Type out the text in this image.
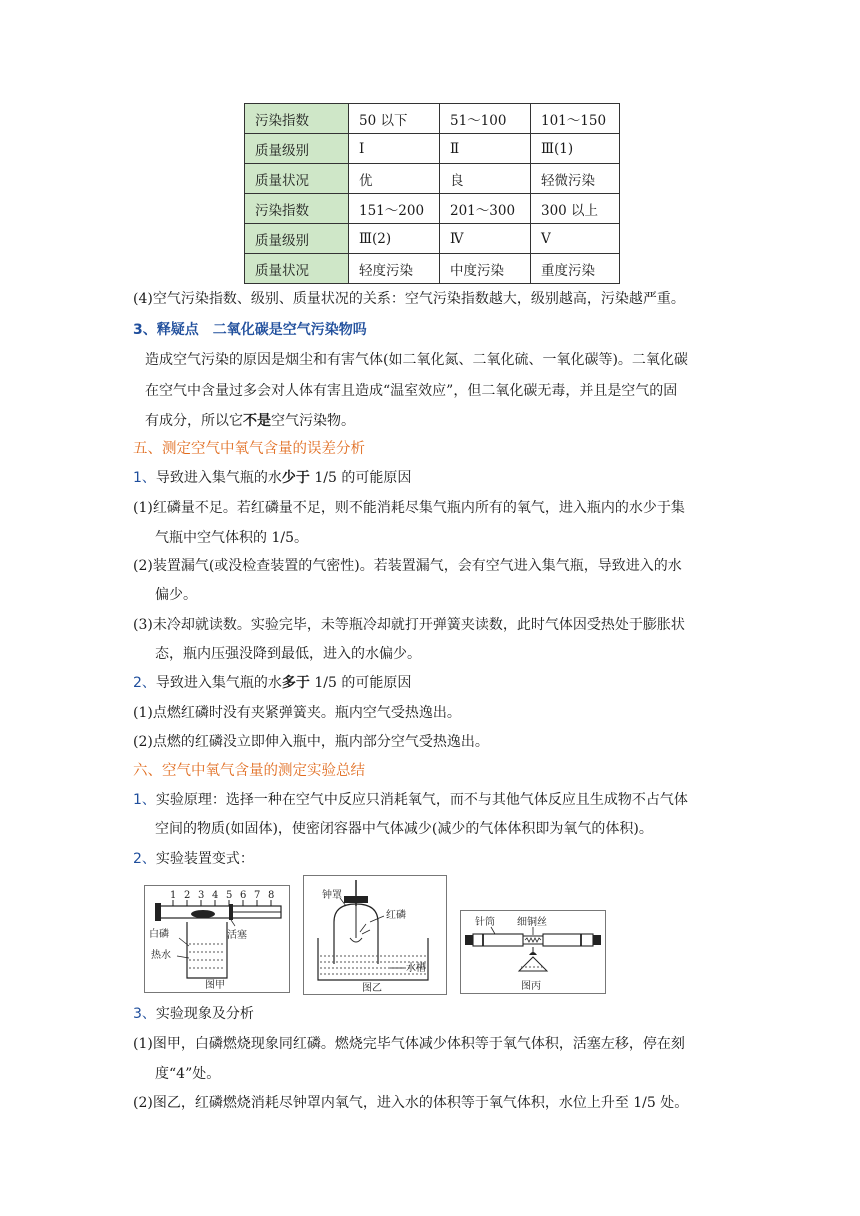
污染指数	50 以下	51～100	101～150
质量级别	Ⅰ	Ⅱ	Ⅲ(1)
质量状况	优	良	轻微污染
污染指数	151～200	201～300	300 以上
质量级别	Ⅲ(2)	Ⅳ	Ⅴ
质量状况	轻度污染	中度污染	重度污染
(4)空气污染指数、级别、质量状况的关系：空气污染指数越大，级别越高，污染越严重。
3、释疑点　二氧化碳是空气污染物吗
造成空气污染的原因是烟尘和有害气体(如二氧化氮、二氧化硫、一氧化碳等)。二氧化碳
在空气中含量过多会对人体有害且造成“温室效应”，但二氧化碳无毒，并且是空气的固
有成分，所以它不是空气污染物。
五、测定空气中氧气含量的误差分析
1、导致进入集气瓶的水少于 1/5 的可能原因
(1)红磷量不足。若红磷量不足，则不能消耗尽集气瓶内所有的氧气，进入瓶内的水少于集
气瓶中空气体积的 1/5。
(2)装置漏气(或没检查装置的气密性)。若装置漏气，会有空气进入集气瓶，导致进入的水
偏少。
(3)未冷却就读数。实验完毕，未等瓶冷却就打开弹簧夹读数，此时气体因受热处于膨胀状
态，瓶内压强没降到最低，进入的水偏少。
2、导致进入集气瓶的水多于 1/5 的可能原因
(1)点燃红磷时没有夹紧弹簧夹。瓶内空气受热逸出。
(2)点燃的红磷没立即伸入瓶中，瓶内部分空气受热逸出。
六、空气中氧气含量的测定实验总结
1、实验原理：选择一种在空气中反应只消耗氧气，而不与其他气体反应且生成物不占气体
空间的物质(如固体)，使密闭容器中气体减少(减少的气体体积即为氧气的体积)。
2、实验装置变式：
1 2 3 4 5 6 7 8
白磷
热水
活塞
图甲
钟罩
红磷
水槽
图乙
针筒 细铜丝
图丙
3、实验现象及分析
(1)图甲，白磷燃烧现象同红磷。燃烧完毕气体减少体积等于氧气体积，活塞左移，停在刻
度“4”处。
(2)图乙，红磷燃烧消耗尽钟罩内氧气，进入水的体积等于氧气体积，水位上升至 1/5 处。
